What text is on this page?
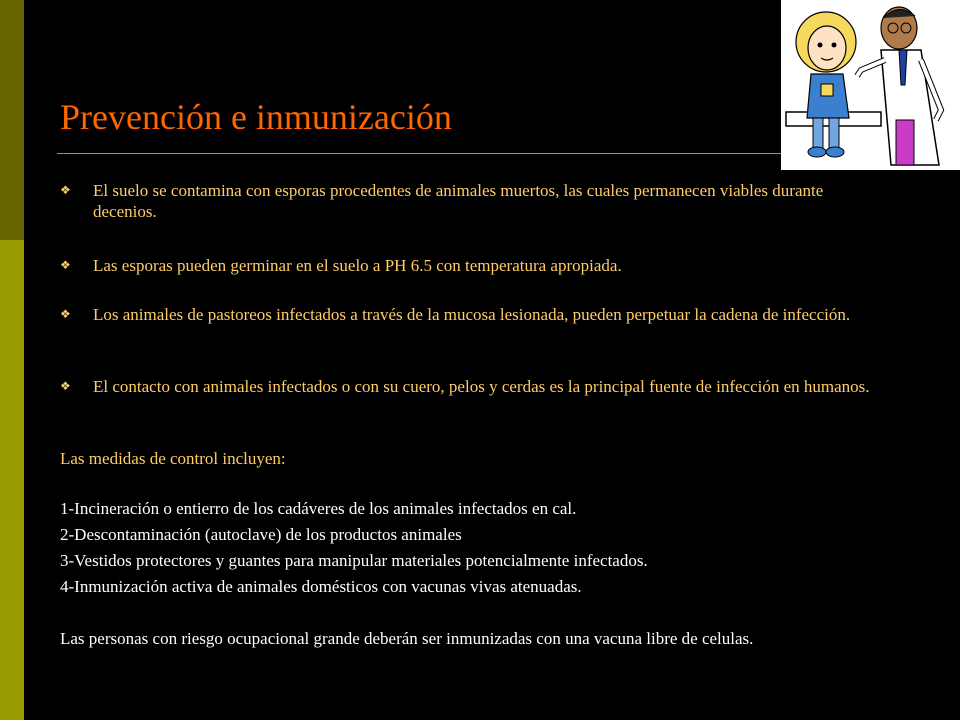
Prevención e inmunización
❖	El suelo se contamina con esporas procedentes de animales muertos, las cuales permanecen viables durante decenios.
❖	Las esporas pueden germinar en el suelo a PH 6.5 con temperatura apropiada.
❖	Los animales de pastoreos infectados a través de la mucosa lesionada, pueden perpetuar la cadena de infección.
❖	El contacto con animales infectados o con su cuero, pelos y cerdas es la principal fuente de infección en humanos.
Las medidas de control incluyen:
1-Incineración o entierro de los cadáveres de los animales infectados en cal.
2-Descontaminación (autoclave) de los productos animales
3-Vestidos protectores y guantes para manipular materiales potencialmente infectados.
4-Inmunización activa de animales domésticos con vacunas vivas atenuadas.
Las personas con riesgo ocupacional grande deberán ser inmunizadas con una vacuna libre de celulas.
